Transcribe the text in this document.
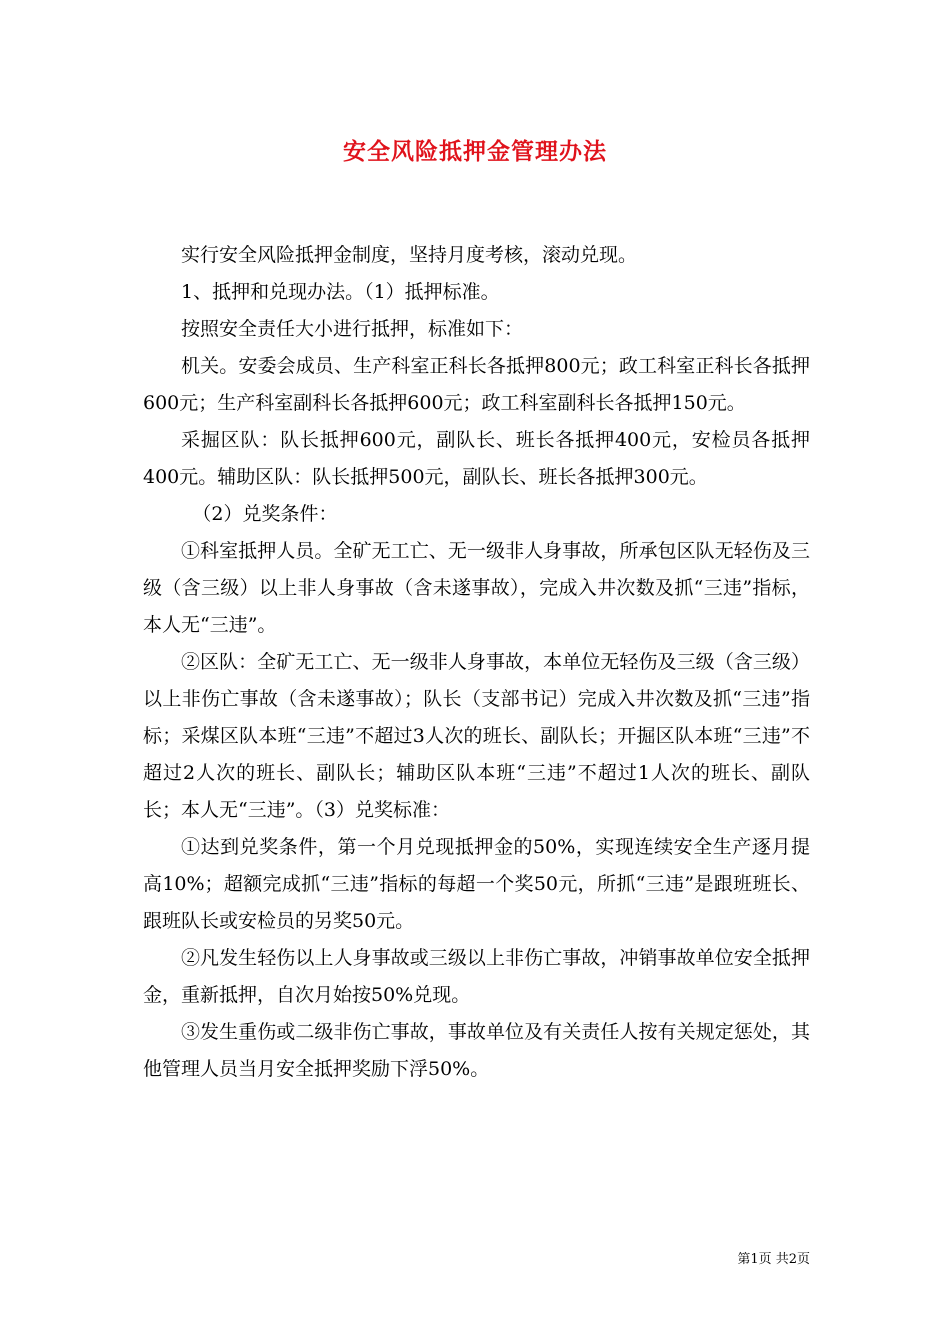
安全风险抵押金管理办法

实行安全风险抵押金制度，坚持月度考核，滚动兑现。

1、抵押和兑现办法。（1）抵押标准。

按照安全责任大小进行抵押，标准如下：

机关。安委会成员、生产科室正科长各抵押800元；政工科室正科长各抵押600元；生产科室副科长各抵押600元；政工科室副科长各抵押150元。

采掘区队：队长抵押600元，副队长、班长各抵押400元，安检员各抵押400元。辅助区队：队长抵押500元，副队长、班长各抵押300元。

（2）兑奖条件：

①科室抵押人员。全矿无工亡、无一级非人身事故，所承包区队无轻伤及三级（含三级）以上非人身事故（含未遂事故），完成入井次数及抓“三违”指标，本人无“三违”。

②区队：全矿无工亡、无一级非人身事故，本单位无轻伤及三级（含三级）以上非伤亡事故（含未遂事故）；队长（支部书记）完成入井次数及抓“三违”指标；采煤区队本班“三违”不超过3人次的班长、副队长；开掘区队本班“三违”不超过2人次的班长、副队长；辅助区队本班“三违”不超过1人次的班长、副队长；本人无“三违”。（3）兑奖标准：

①达到兑奖条件，第一个月兑现抵押金的50%，实现连续安全生产逐月提高10%；超额完成抓“三违”指标的每超一个奖50元，所抓“三违”是跟班班长、跟班队长或安检员的另奖50元。

②凡发生轻伤以上人身事故或三级以上非伤亡事故，冲销事故单位安全抵押金，重新抵押，自次月始按50%兑现。

③发生重伤或二级非伤亡事故，事故单位及有关责任人按有关规定惩处，其他管理人员当月安全抵押奖励下浮50%。

第1页 共2页
